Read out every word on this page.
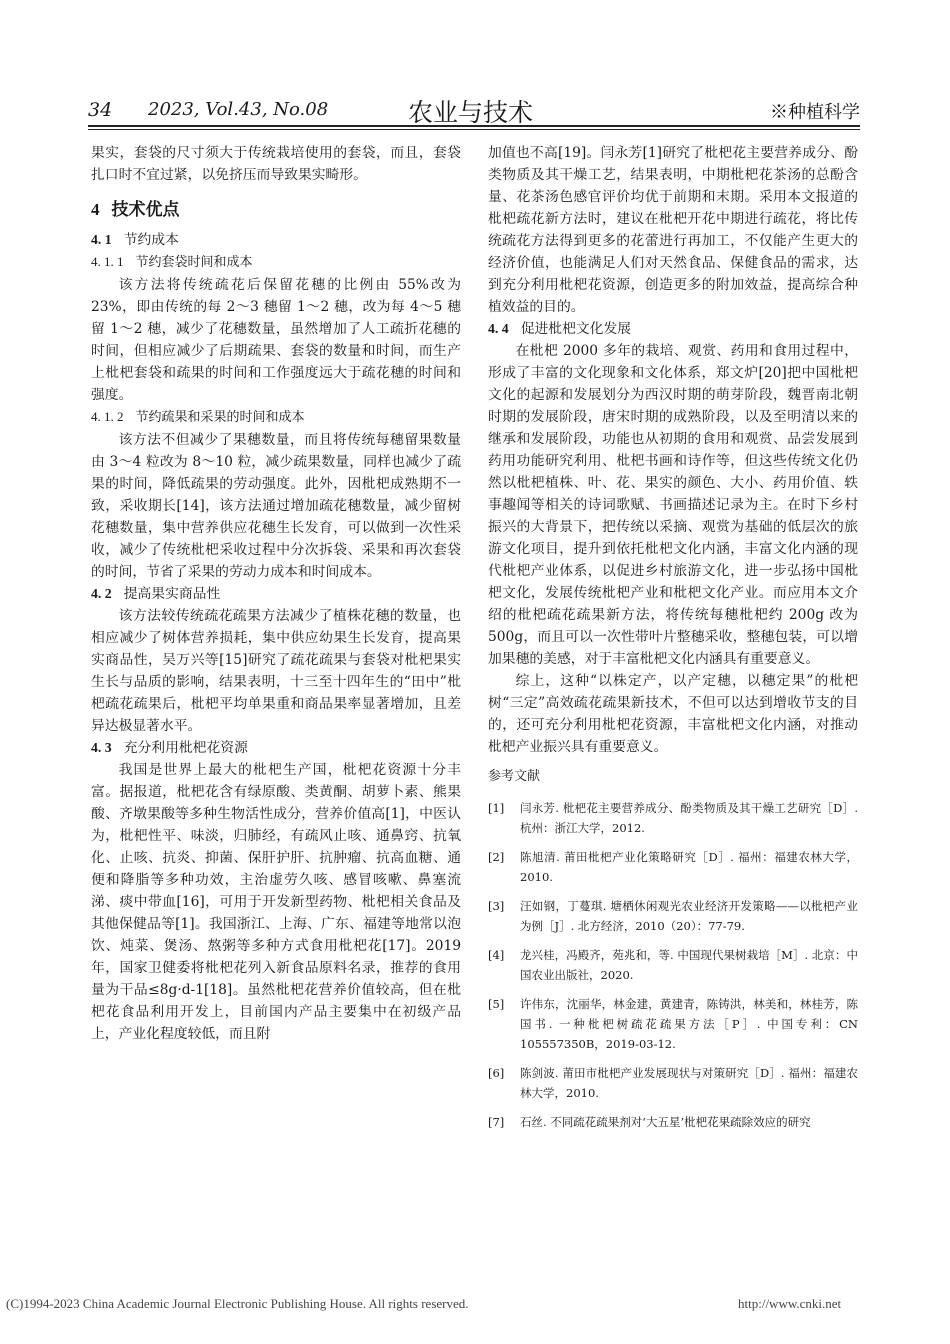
34 2023, Vol.43, No.08	农业与技术	※种植科学

果实，套袋的尺寸须大于传统栽培使用的套袋，而且，套袋扎口时不宜过紧，以免挤压而导致果实畸形。

4 技术优点
4. 1 节约成本
4. 1. 1 节约套袋时间和成本

该方法将传统疏花后保留花穗的比例由 55%改为 23%，即由传统的每 2～3 穗留 1～2 穗，改为每 4～5 穗留 1～2 穗，减少了花穗数量，虽然增加了人工疏折花穗的时间，但相应减少了后期疏果、套袋的数量和时间，而生产上枇杷套袋和疏果的时间和工作强度远大于疏花穗的时间和强度。

4. 1. 2 节约疏果和采果的时间和成本

该方法不但减少了果穗数量，而且将传统每穗留果数量由 3～4 粒改为 8～10 粒，减少疏果数量，同样也减少了疏果的时间，降低疏果的劳动强度。此外，因枇杷成熟期不一致，采收期长[14]，该方法通过增加疏花穗数量，减少留树花穗数量，集中营养供应花穗生长发育，可以做到一次性采收，减少了传统枇杷采收过程中分次拆袋、采果和再次套袋的时间，节省了采果的劳动力成本和时间成本。

4. 2 提高果实商品性

该方法较传统疏花疏果方法减少了植株花穗的数量，也相应减少了树体营养损耗，集中供应幼果生长发育，提高果实商品性，吴万兴等[15]研究了疏花疏果与套袋对枇杷果实生长与品质的影响，结果表明，十三至十四年生的“田中”枇杷疏花疏果后，枇杷平均单果重和商品果率显著增加，且差异达极显著水平。

4. 3 充分利用枇杷花资源

我国是世界上最大的枇杷生产国，枇杷花资源十分丰富。据报道，枇杷花含有绿原酸、类黄酮、胡萝卜素、熊果酸、齐墩果酸等多种生物活性成分，营养价值高[1]，中医认为，枇杷性平、味淡，归肺经，有疏风止咳、通鼻窍、抗氧化、止咳、抗炎、抑菌、保肝护肝、抗肿瘤、抗高血糖、通便和降脂等多种功效，主治虚劳久咳、感冒咳嗽、鼻塞流涕、痰中带血[16]，可用于开发新型药物、枇杷相关食品及其他保健品等[1]。我国浙江、上海、广东、福建等地常以泡饮、炖菜、煲汤、熬粥等多种方式食用枇杷花[17]。2019 年，国家卫健委将枇杷花列入新食品原料名录，推荐的食用量为干品≤8g·d-1[18]。虽然枇杷花营养价值较高，但在枇杷花食品利用开发上，目前国内产品主要集中在初级产品上，产业化程度较低，而且附

加值也不高[19]。闫永芳[1]研究了枇杷花主要营养成分、酚类物质及其干燥工艺，结果表明，中期枇杷花茶汤的总酚含量、花茶汤色感官评价均优于前期和末期。采用本文报道的枇杷疏花新方法时，建议在枇杷开花中期进行疏花，将比传统疏花方法得到更多的花蕾进行再加工，不仅能产生更大的经济价值，也能满足人们对天然食品、保健食品的需求，达到充分利用枇杷花资源，创造更多的附加效益，提高综合种植效益的目的。

4. 4 促进枇杷文化发展

在枇杷 2000 多年的栽培、观赏、药用和食用过程中，形成了丰富的文化现象和文化体系，郑文炉[20]把中国枇杷文化的起源和发展划分为西汉时期的萌芽阶段，魏晋南北朝时期的发展阶段，唐宋时期的成熟阶段，以及至明清以来的继承和发展阶段，功能也从初期的食用和观赏、品尝发展到药用功能研究利用、枇杷书画和诗作等，但这些传统文化仍然以枇杷植株、叶、花、果实的颜色、大小、药用价值、轶事趣闻等相关的诗词歌赋、书画描述记录为主。在时下乡村振兴的大背景下，把传统以采摘、观赏为基础的低层次的旅游文化项目，提升到依托枇杷文化内涵，丰富文化内涵的现代枇杷产业体系，以促进乡村旅游文化，进一步弘扬中国枇杷文化，发展传统枇杷产业和枇杷文化产业。而应用本文介绍的枇杷疏花疏果新方法，将传统每穗枇杷约 200g 改为 500g，而且可以一次性带叶片整穗采收，整穗包装，可以增加果穗的美感，对于丰富枇杷文化内涵具有重要意义。

综上，这种“以株定产，以产定穗，以穗定果”的枇杷树“三定”高效疏花疏果新技术，不但可以达到增收节支的目的，还可充分利用枇杷花资源，丰富枇杷文化内涵，对推动枇杷产业振兴具有重要意义。

参考文献
[1] 闫永芳. 枇杷花主要营养成分、酚类物质及其干燥工艺研究［D］. 杭州：浙江大学，2012.
[2] 陈旭清. 莆田枇杷产业化策略研究［D］. 福州：福建农林大学，2010.
[3] 汪如钢，丁蔓琪. 塘栖休闲观光农业经济开发策略——以枇杷产业为例［J］. 北方经济，2010（20）：77-79.
[4] 龙兴桂，冯殿齐，苑兆和，等. 中国现代果树栽培［M］. 北京：中国农业出版社，2020.
[5] 许伟东，沈丽华，林金建，黄建青，陈铸洪，林美和，林桂芳，陈国书. 一种枇杷树疏花疏果方法［P］. 中国专利：CN 105557350B，2019-03-12.
[6] 陈剑波. 莆田市枇杷产业发展现状与对策研究［D］. 福州：福建农林大学，2010.
[7] 石丝. 不同疏花疏果剂对‘大五星’枇杷花果疏除效应的研究
(C)1994-2023 China Academic Journal Electronic Publishing House. All rights reserved.	http://www.cnki.net
